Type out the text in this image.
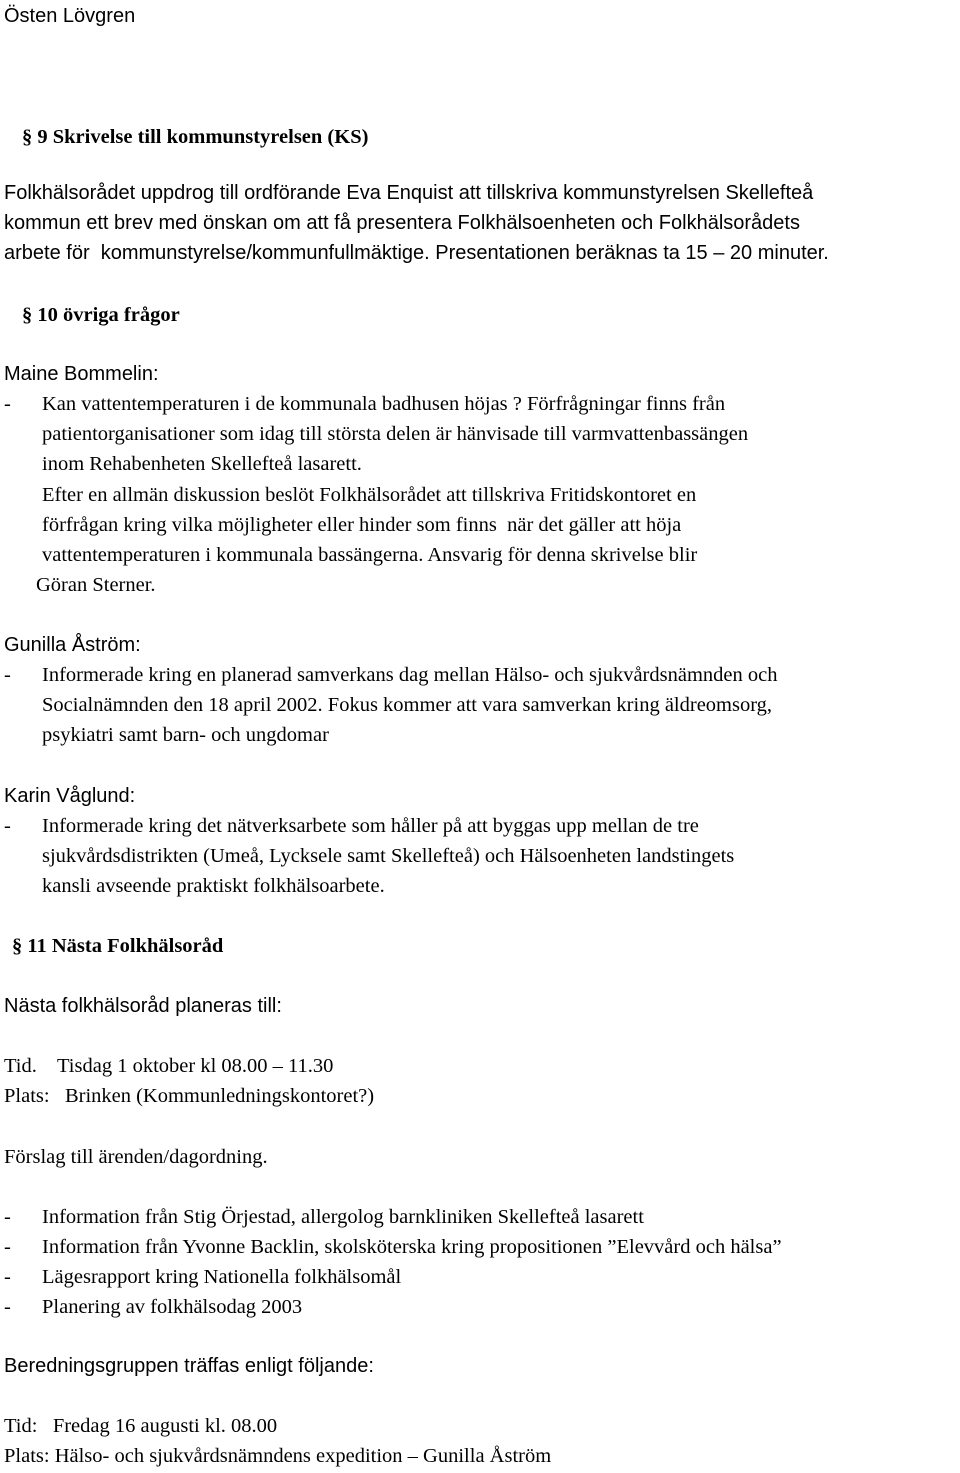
Östen Lövgren
§ 9 Skrivelse till kommunstyrelsen (KS)
Folkhälsorådet uppdrog till ordförande Eva Enquist att tillskriva kommunstyrelsen Skellefteå
kommun ett brev med önskan om att få presentera Folkhälsoenheten och Folkhälsorådets
arbete för  kommunstyrelse/kommunfullmäktige. Presentationen beräknas ta 15 – 20 minuter.
§ 10 övriga frågor
Maine Bommelin:
- Kan vattentemperaturen i de kommunala badhusen höjas ? Förfrågningar finns från
patientorganisationer som idag till största delen är hänvisade till varmvattenbassängen
inom Rehabenheten Skellefteå lasarett.
Efter en allmän diskussion beslöt Folkhälsorådet att tillskriva Fritidskontoret en
förfrågan kring vilka möjligheter eller hinder som finns  när det gäller att höja
vattentemperaturen i kommunala bassängerna. Ansvarig för denna skrivelse blir
Göran Sterner.
Gunilla Åström:
- Informerade kring en planerad samverkans dag mellan Hälso- och sjukvårdsnämnden och
Socialnämnden den 18 april 2002. Fokus kommer att vara samverkan kring äldreomsorg,
psykiatri samt barn- och ungdomar
Karin Våglund:
- Informerade kring det nätverksarbete som håller på att byggas upp mellan de tre
sjukvårdsdistrikten (Umeå, Lycksele samt Skellefteå) och Hälsoenheten landstingets
kansli avseende praktiskt folkhälsoarbete.
§ 11 Nästa Folkhälsoråd
Nästa folkhälsoråd planeras till:
Tid.    Tisdag 1 oktober kl 08.00 – 11.30
Plats:   Brinken (Kommunledningskontoret?)
Förslag till ärenden/dagordning.
- Information från Stig Örjestad, allergolog barnkliniken Skellefteå lasarett
- Information från Yvonne Backlin, skolsköterska kring propositionen ”Elevvård och hälsa”
- Lägesrapport kring Nationella folkhälsomål
- Planering av folkhälsodag 2003
Beredningsgruppen träffas enligt följande:
Tid:   Fredag 16 augusti kl. 08.00
Plats: Hälso- och sjukvårdsnämndens expedition – Gunilla Åström
